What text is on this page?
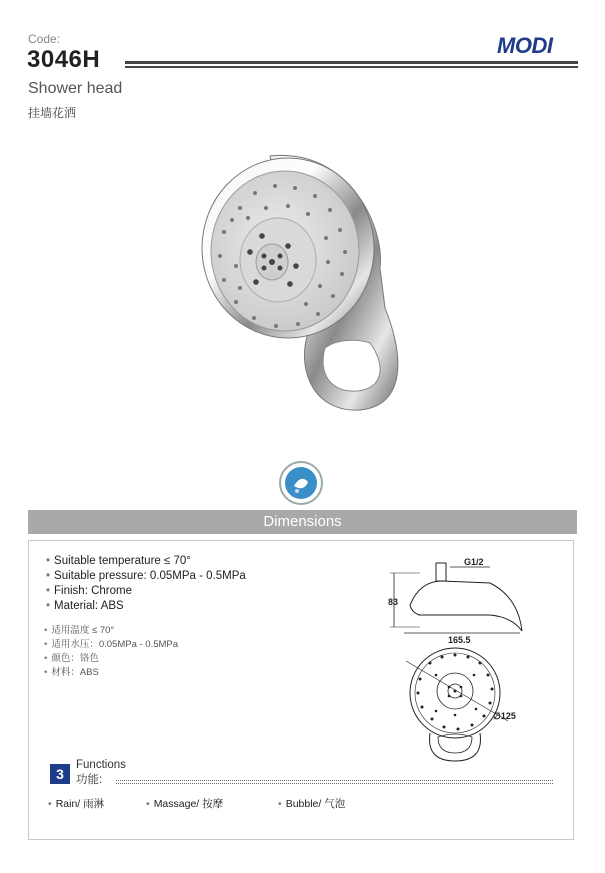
Code:
3046H
MODI
Shower head
挂墙花洒
Dimensions
• Suitable temperature ≤ 70°
• Suitable pressure: 0.05MPa - 0.5MPa
• Finish: Chrome
• Material: ABS
• 适用温度 ≤ 70°
• 适用水压：0.05MPa - 0.5MPa
• 颜色：铬色
• 材料：ABS
G1/2
83
165.5
∅125
3
Functions
功能:
• Rain/ 雨淋	• Massage/ 按摩	• Bubble/ 气泡
